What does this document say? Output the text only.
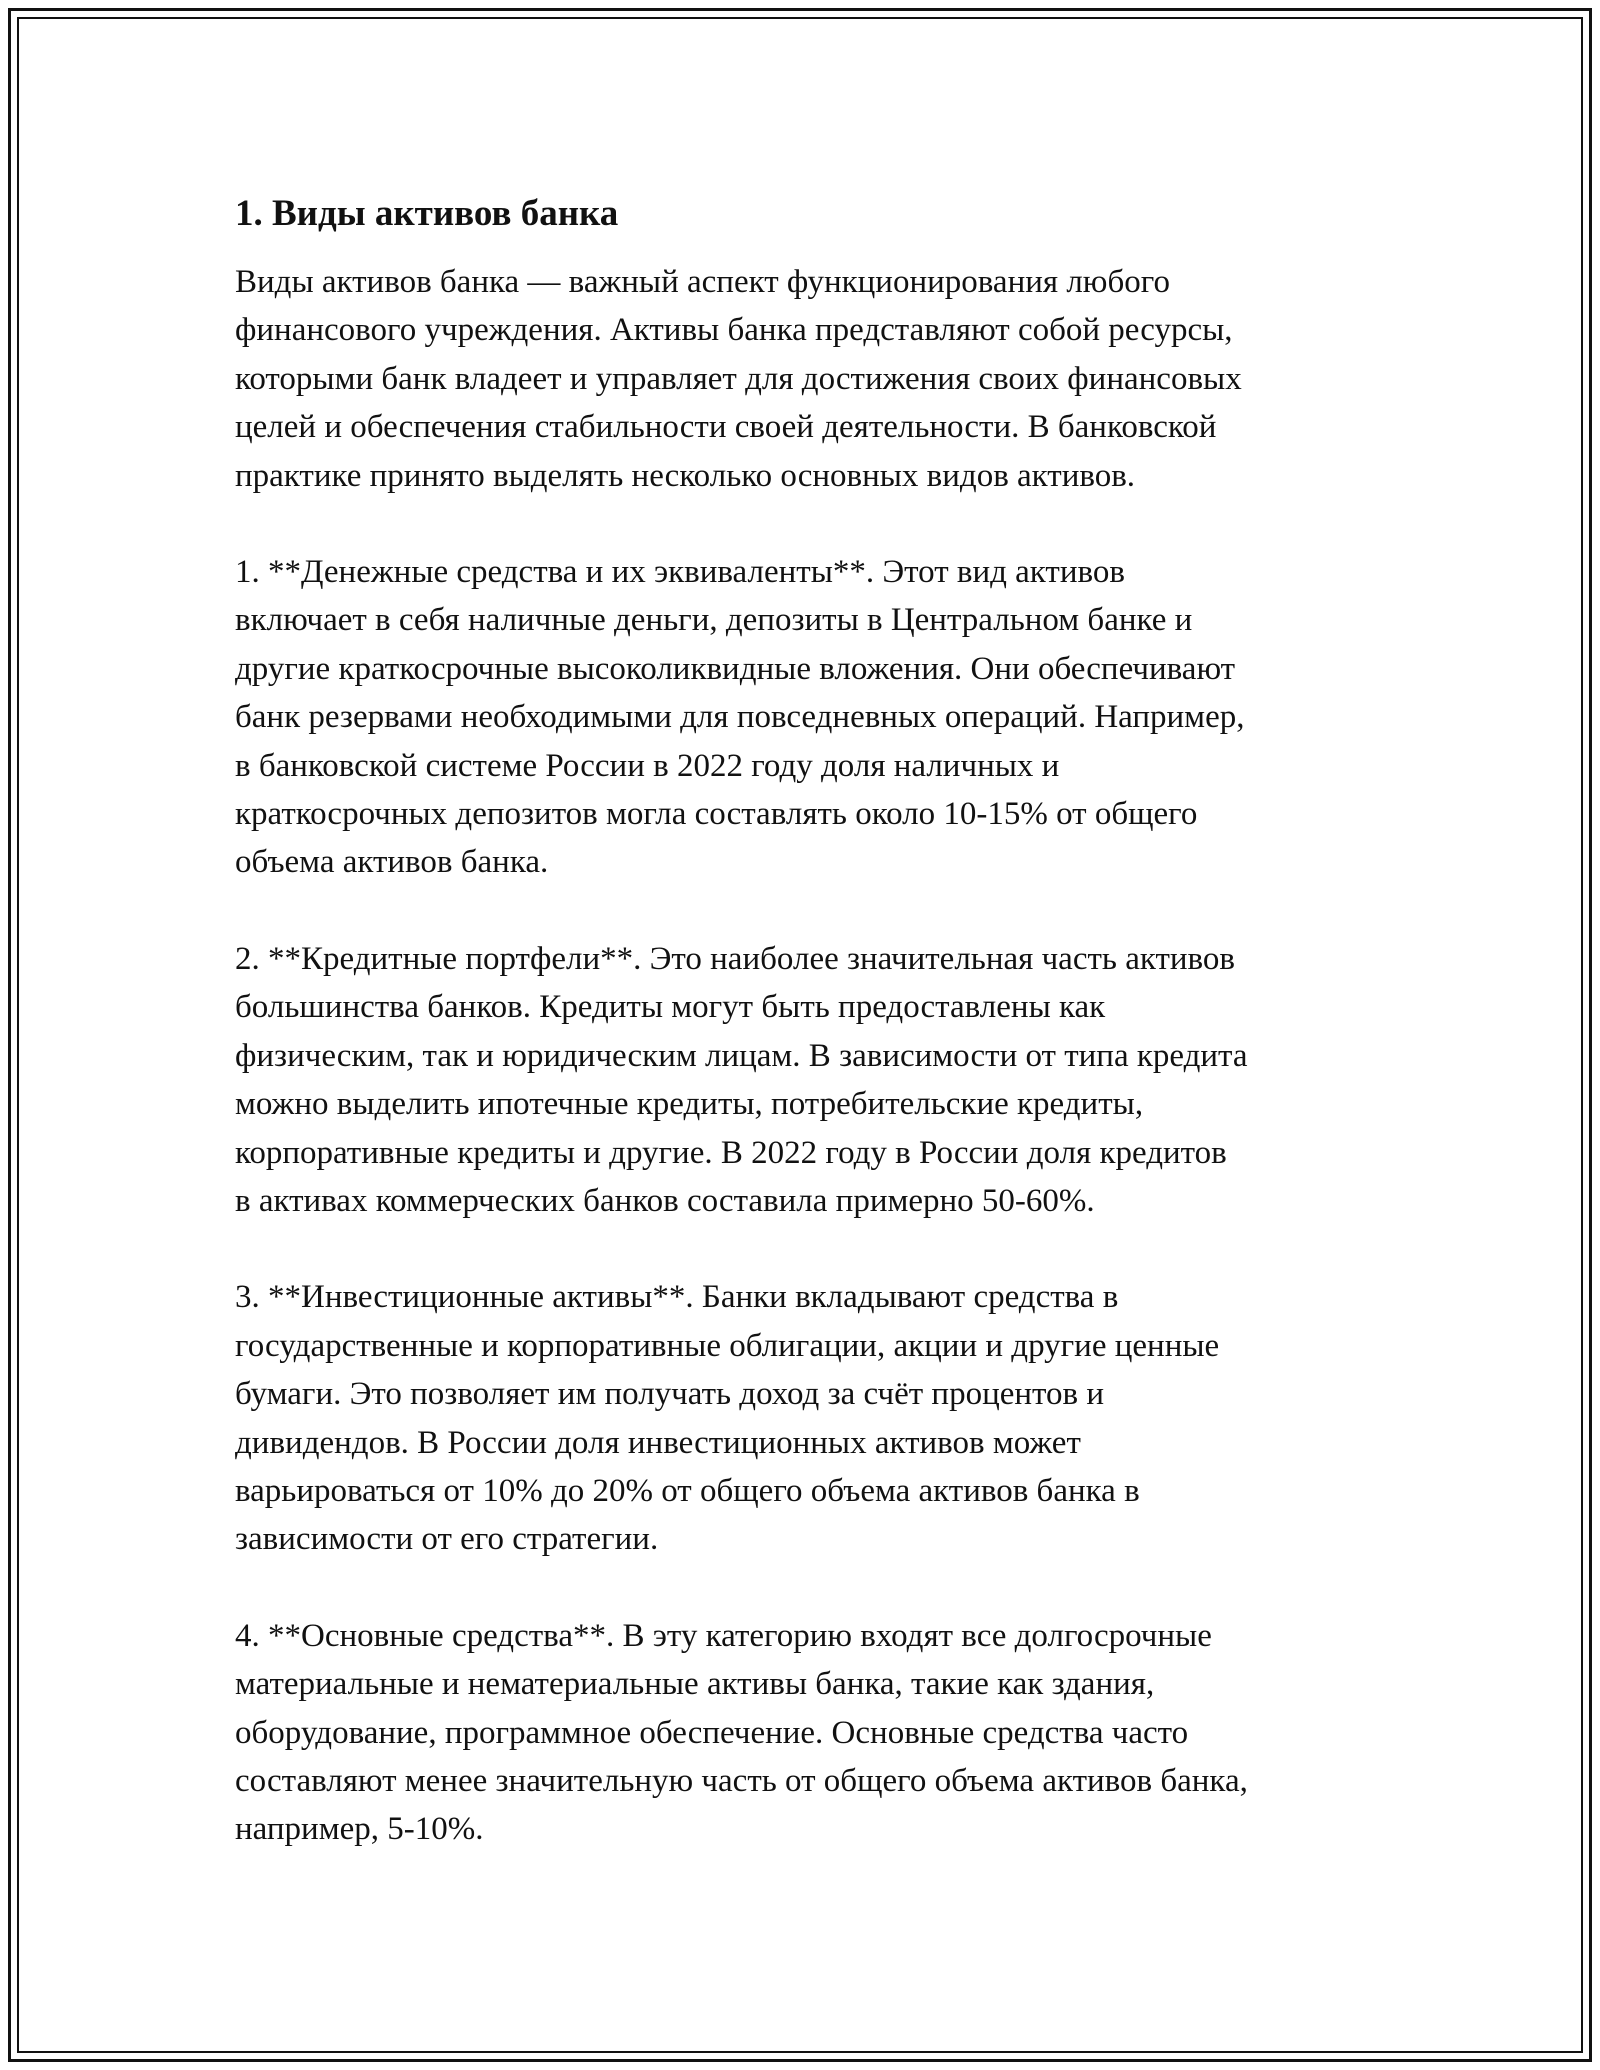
1. Виды активов банка

Виды активов банка — важный аспект функционирования любого
финансового учреждения. Активы банка представляют собой ресурсы,
которыми банк владеет и управляет для достижения своих финансовых
целей и обеспечения стабильности своей деятельности. В банковской
практике принято выделять несколько основных видов активов.

1. **Денежные средства и их эквиваленты**. Этот вид активов
включает в себя наличные деньги, депозиты в Центральном банке и
другие краткосрочные высоколиквидные вложения. Они обеспечивают
банк резервами необходимыми для повседневных операций. Например,
в банковской системе России в 2022 году доля наличных и
краткосрочных депозитов могла составлять около 10-15% от общего
объема активов банка.

2. **Кредитные портфели**. Это наиболее значительная часть активов
большинства банков. Кредиты могут быть предоставлены как
физическим, так и юридическим лицам. В зависимости от типа кредита
можно выделить ипотечные кредиты, потребительские кредиты,
корпоративные кредиты и другие. В 2022 году в России доля кредитов
в активах коммерческих банков составила примерно 50-60%.

3. **Инвестиционные активы**. Банки вкладывают средства в
государственные и корпоративные облигации, акции и другие ценные
бумаги. Это позволяет им получать доход за счёт процентов и
дивидендов. В России доля инвестиционных активов может
варьироваться от 10% до 20% от общего объема активов банка в
зависимости от его стратегии.

4. **Основные средства**. В эту категорию входят все долгосрочные
материальные и нематериальные активы банка, такие как здания,
оборудование, программное обеспечение. Основные средства часто
составляют менее значительную часть от общего объема активов банка,
например, 5-10%.
